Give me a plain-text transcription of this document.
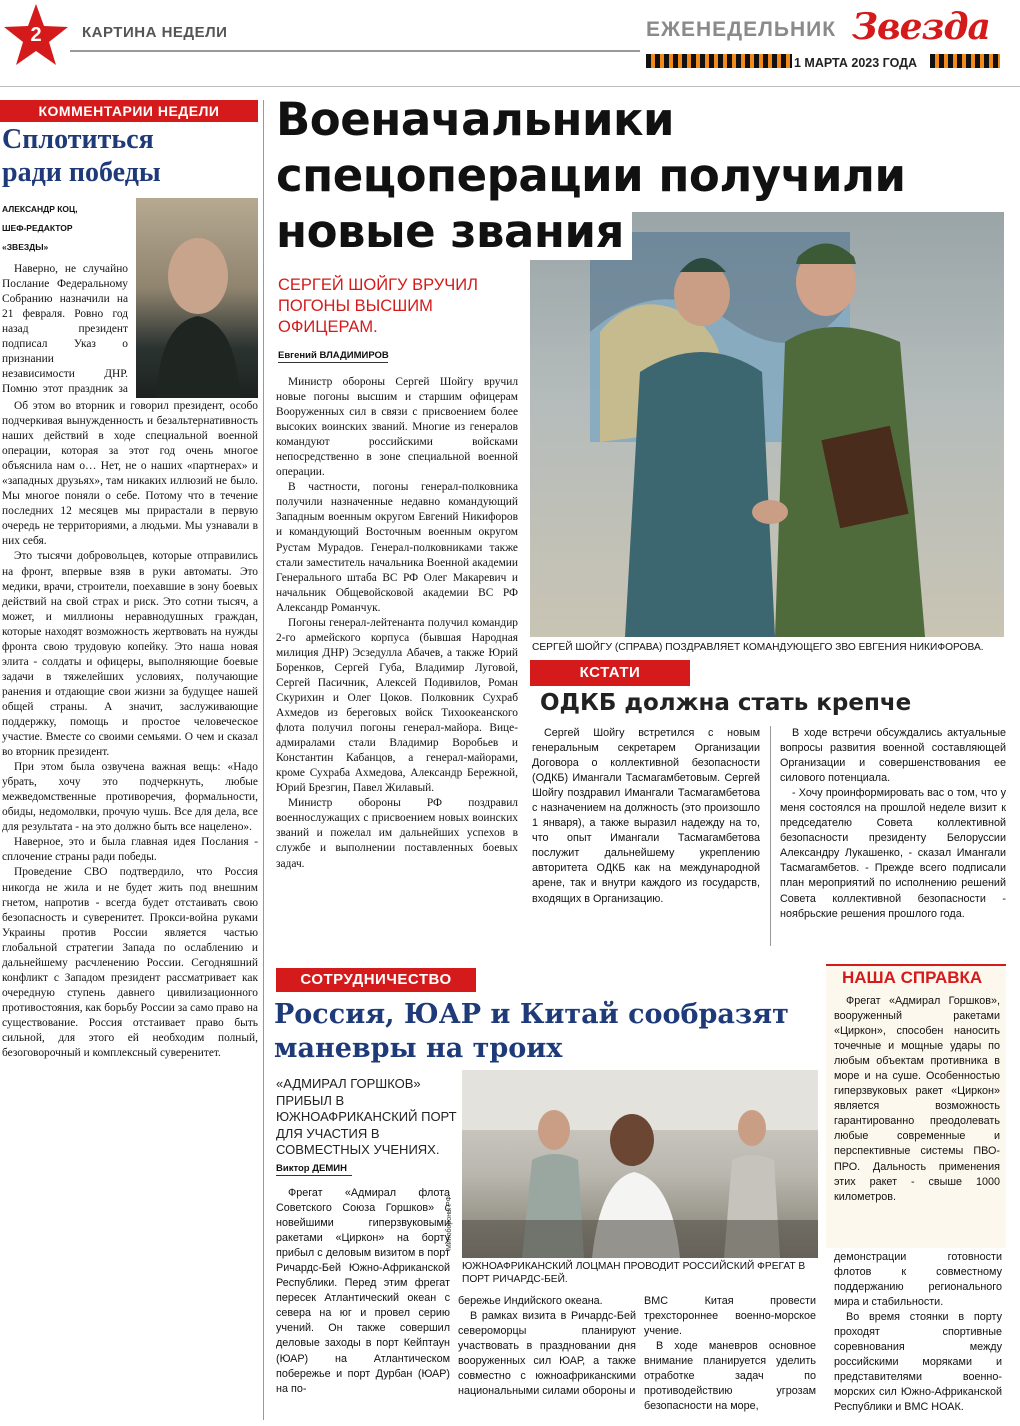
2	КАРТИНА НЕДЕЛИ	ЕЖЕНЕДЕЛЬНИК Звезда
1 МАРТА 2023 ГОДА
КОММЕНТАРИИ НЕДЕЛИ
Сплотиться
ради победы
АЛЕКСАНДР КОЦ,
ШЕФ-РЕДАКТОР
«ЗВЕЗДЫ»

Наверно, не случайно Послание Федеральному Собранию назначили на 21 февраля. Ровно год назад президент подписал Указ о признании независимости ДНР. Помню этот праздник за

Об этом во вторник и говорил президент, особо подчеркивая вынужденность и безальтернативность наших действий в ходе специальной военной операции, которая за этот год очень многое объяснила нам о… Нет, не о наших «партнерах» и «западных друзьях», там никаких иллюзий не было. Мы многое поняли о себе. Потому что в течение последних 12 месяцев мы прирастали в первую очередь не территориями, а людьми. Мы узнавали в них себя.

Это тысячи добровольцев, которые отправились на фронт, впервые взяв в руки автоматы. Это медики, врачи, строители, поехавшие в зону боевых действий на свой страх и риск. Это сотни тысяч, а может, и миллионы неравнодушных граждан, которые находят возможность жертвовать на нужды фронта свою трудовую копейку. Это наша новая элита - солдаты и офицеры, выполняющие боевые задачи в тяжелейших условиях, получающие ранения и отдающие свои жизни за будущее нашей общей страны. А значит, заслуживающие поддержку, помощь и простое человеческое участие. Вместе со своими семьями. О чем и сказал во вторник президент.

При этом была озвучена важная вещь: «Надо убрать, хочу это подчеркнуть, любые межведомственные противоречия, формальности, обиды, недомолвки, прочую чушь. Все для дела, все для результата - на это должно быть все нацелено».

Наверное, это и была главная идея Послания - сплочение страны ради победы.

Проведение СВО подтвердило, что Россия никогда не жила и не будет жить под внешним гнетом, напротив - всегда будет отстаивать свою безопасность и суверенитет. Прокси-война руками Украины против России является частью глобальной стратегии Запада по ослаблению и дальнейшему расчленению России. Сегодняшний конфликт с Западом президент рассматривает как очередную ступень давнего цивилизационного противостояния, как борьбу России за само право на существование. Россия отстаивает право быть сильной, для этого ей необходим полный, безоговорочный и комплексный суверенитет.

Военачальники
спецоперации получили
новые звания
СЕРГЕЙ ШОЙГУ (СПРАВА) ПОЗДРАВЛЯЕТ КОМАНДУЮЩЕГО ЗВО ЕВГЕНИЯ НИКИФОРОВА.
СЕРГЕЙ ШОЙГУ ВРУЧИЛ ПОГОНЫ ВЫСШИМ ОФИЦЕРАМ.
Евгений ВЛАДИМИРОВ

Министр обороны Сергей Шойгу вручил новые погоны высшим и старшим офицерам Вооруженных сил в связи с присвоением более высоких воинских званий. Многие из генералов командуют российскими войсками непосредственно в зоне специальной военной операции.

В частности, погоны генерал-полковника получили назначенные недавно командующий Западным военным округом Евгений Никифоров и командующий Восточным военным округом Рустам Мурадов. Генерал-полковниками также стали заместитель начальника Военной академии Генерального штаба ВС РФ Олег Макаревич и начальник Общевойсковой академии ВС РФ Александр Романчук.

Погоны генерал-лейтенанта получил командир 2-го армейского корпуса (бывшая Народная милиция ДНР) Эсзедулла Абачев, а также Юрий Боренков, Сергей Губа, Владимир Луговой, Сергей Пасичник, Алексей Подивилов, Роман Скурихин и Олег Цоков. Полковник Сухраб Ахмедов из береговых войск Тихоокеанского флота получил погоны генерал-майора. Вице-адмиралами стали Владимир Воробьев и Константин Кабанцов, а генерал-майорами, кроме Сухраба Ахмедова, Александр Бережной, Юрий Брезгин, Павел Жилавый.

Министр обороны РФ поздравил военнослужащих с присвоением новых воинских званий и пожелал им дальнейших успехов в службе и выполнении поставленных боевых задач.

КСТАТИ
ОДКБ должна стать крепче

Сергей Шойгу встретился с новым генеральным секретарем Организации Договора о коллективной безопасности (ОДКБ) Имангали Тасмагамбетовым. Сергей Шойгу поздравил Имангали Тасмагамбетова с назначением на должность (это произошло 1 января), а также выразил надежду на то, что опыт Имангали Тасмагамбетова послужит дальнейшему укреплению авторитета ОДКБ как на международной арене, так и внутри каждого из государств, входящих в Организацию.

В ходе встречи обсуждались актуальные вопросы развития военной составляющей Организации и совершенствования ее силового потенциала.

- Хочу проинформировать вас о том, что у меня состоялся на прошлой неделе визит к председателю Совета коллективной безопасности президенту Белоруссии Александру Лукашенко, - сказал Имангали Тасмагамбетов. - Прежде всего подписали план мероприятий по исполнению решений Совета коллективной безопасности - ноябрьские решения прошлого года.

СОТРУДНИЧЕСТВО
Россия, ЮАР и Китай сообразят
маневры на троих
«АДМИРАЛ ГОРШКОВ» ПРИБЫЛ В ЮЖНОАФРИКАНСКИЙ ПОРТ ДЛЯ УЧАСТИЯ В СОВМЕСТНЫХ УЧЕНИЯХ.
Виктор ДЕМИН
Минобороны РФ
ЮЖНОАФРИКАНСКИЙ ЛОЦМАН ПРОВОДИТ РОССИЙСКИЙ ФРЕГАТ В ПОРТ РИЧАРДС-БЕЙ.

Фрегат «Адмирал флота Советского Союза Горшков» с новейшими гиперзвуковыми ракетами «Циркон» на борту прибыл с деловым визитом в порт Ричардс-Бей Южно-Африканской Республики. Перед этим фрегат пересек Атлантический океан с севера на юг и провел серию учений. Он также совершил деловые заходы в порт Кейптаун (ЮАР) на Атлантическом побережье и порт Дурбан (ЮАР) на по-

бережье Индийского океана.

В рамках визита в Ричардс-Бей североморцы планируют участвовать в праздновании дня вооруженных сил ЮАР, а также совместно с южноафриканскими национальными силами обороны и

ВМС Китая провести трехстороннее военно-морское учение.

В ходе маневров основное внимание планируется уделить отработке задач по противодействию угрозам безопасности на море,

НАША СПРАВКА

Фрегат «Адмирал Горшков», вооруженный ракетами «Циркон», способен наносить точечные и мощные удары по любым объектам противника в море и на суше. Особенностью гиперзвуковых ракет «Циркон» является возможность гарантированно преодолевать любые современные и перспективные системы ПВО-ПРО. Дальность применения этих ракет - свыше 1000 километров.

демонстрации готовности флотов к совместному поддержанию регионального мира и стабильности.

Во время стоянки в порту проходят спортивные соревнования между российскими моряками и представителями военно-морских сил Южно-Африканской Республики и ВМС НОАК.
